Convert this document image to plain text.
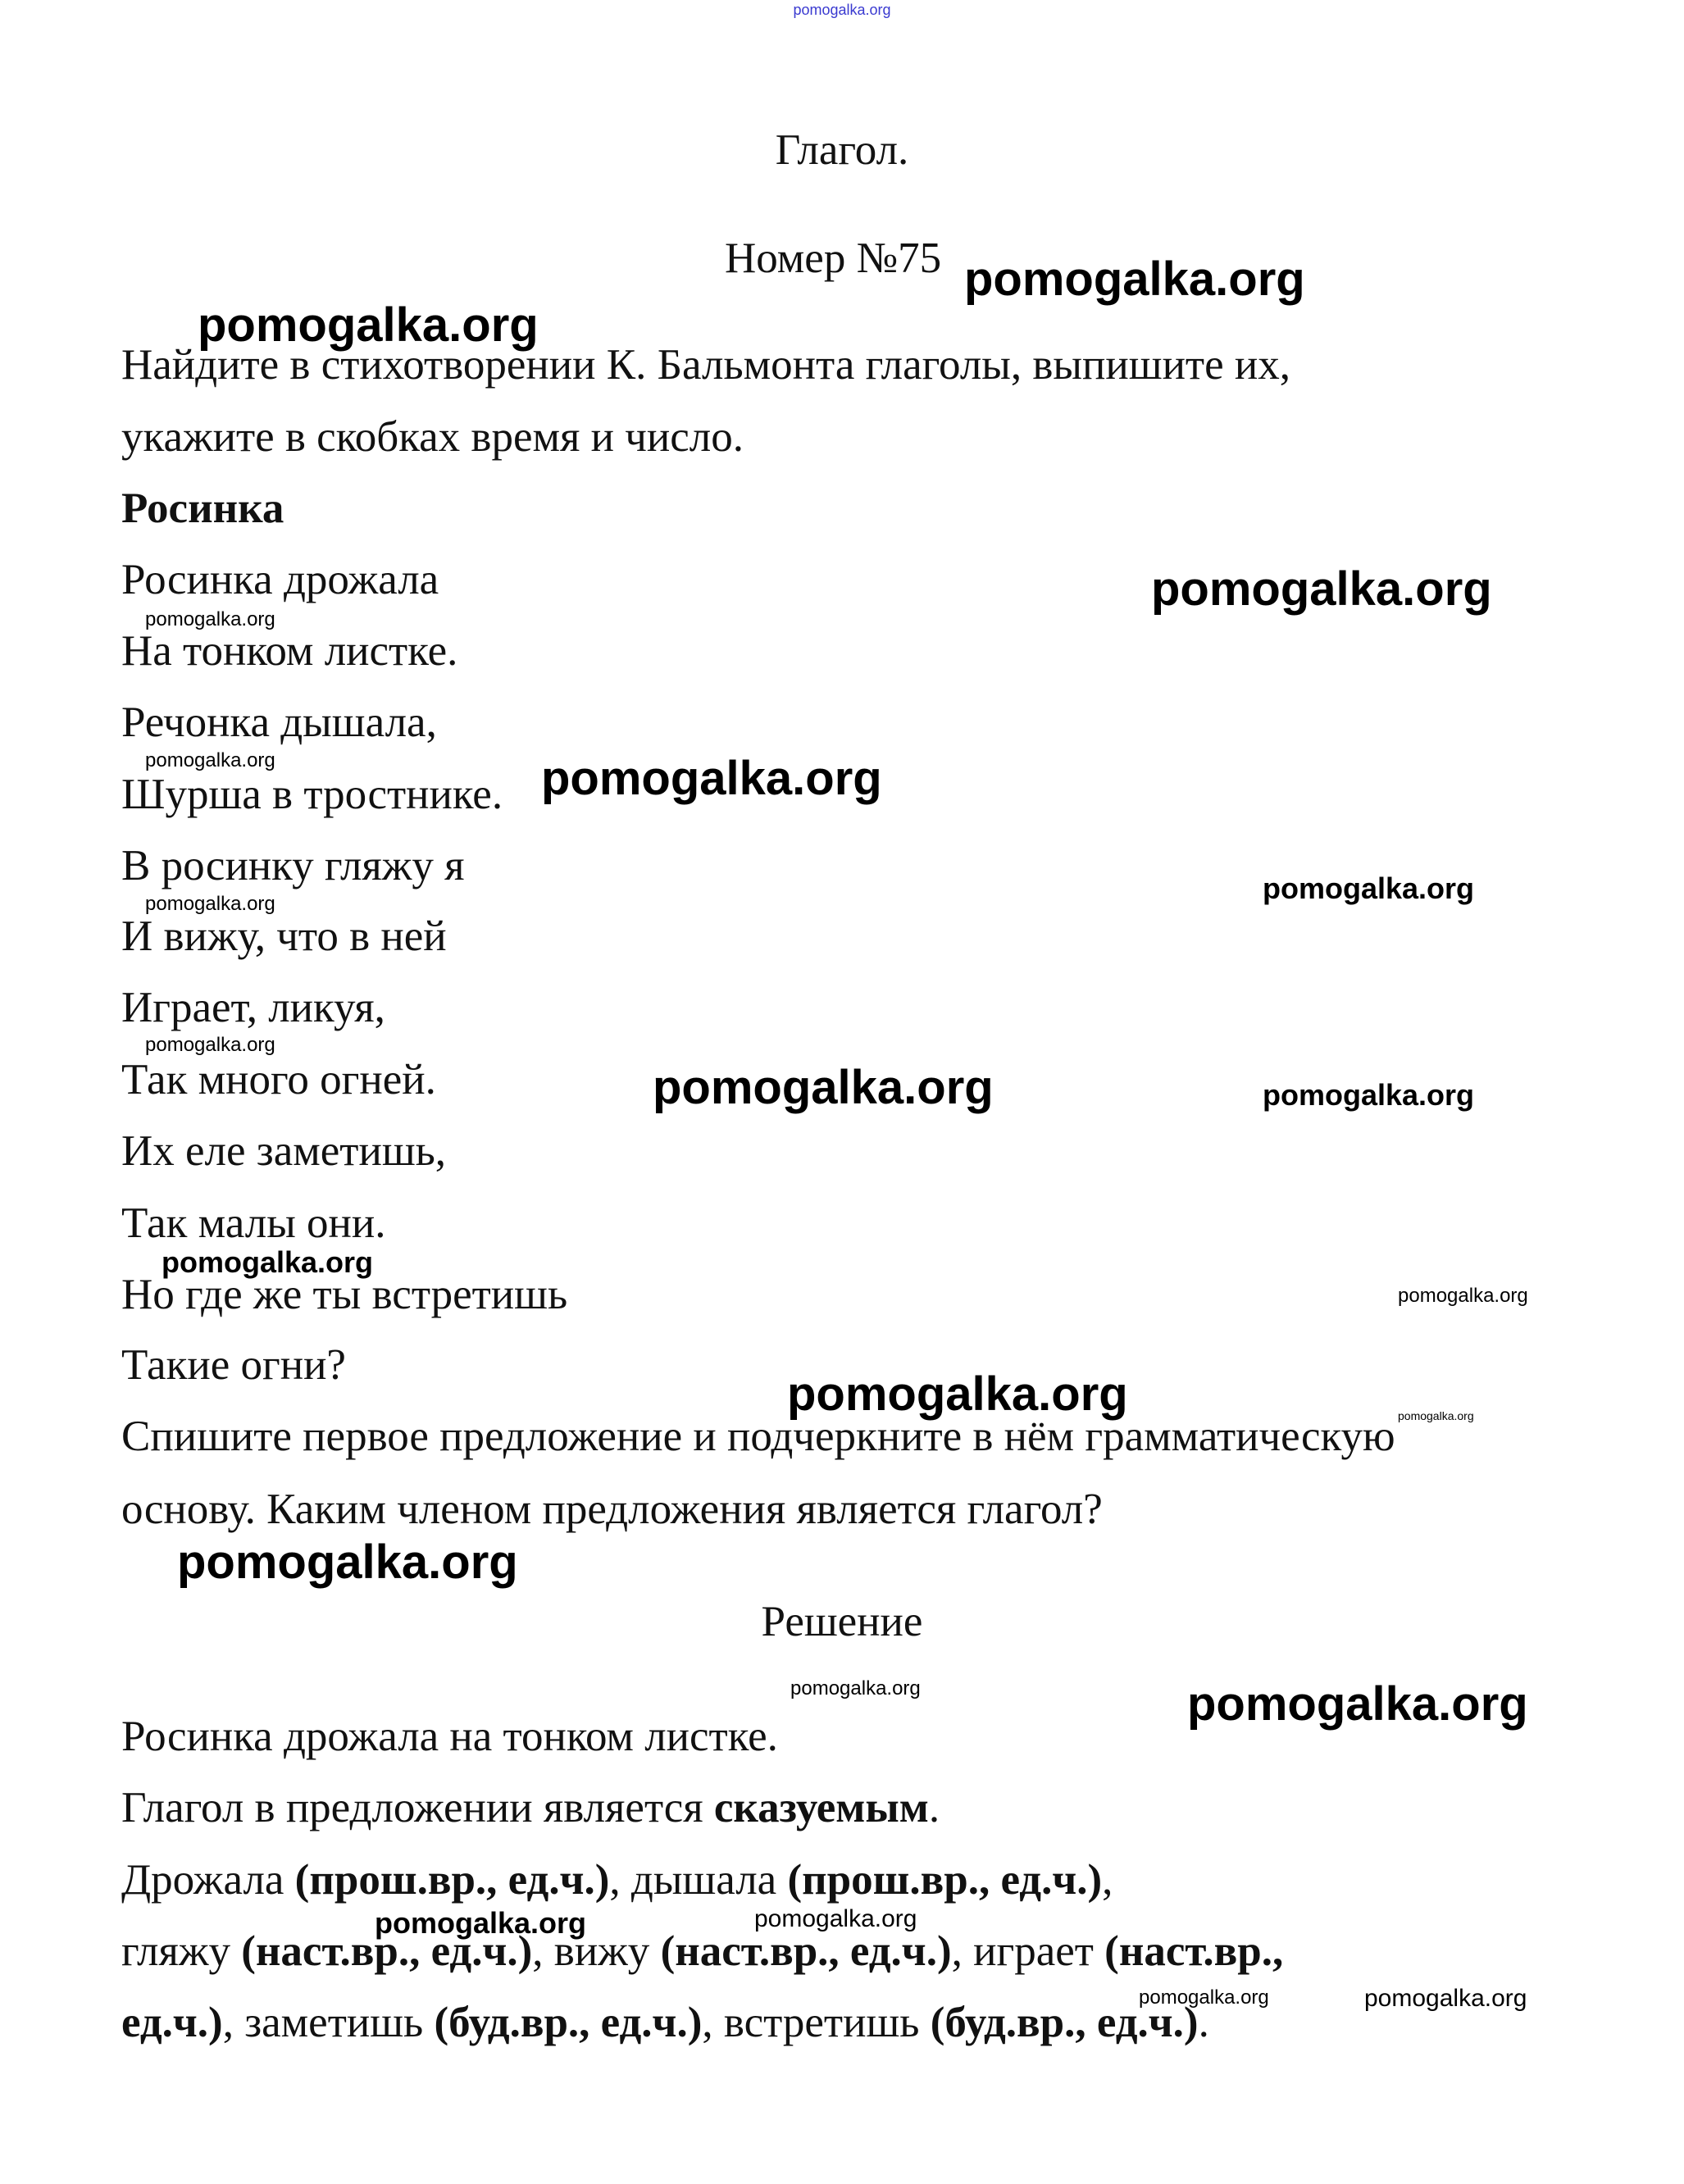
pomogalka.org
Глагол.
Номер №75
Найдите в стихотворении К. Бальмонта глаголы, выпишите их,
укажите в скобках время и число.
Росинка
Росинка дрожала
На тонком листке.
Речонка дышала,
Шурша в тростнике.
В росинку гляжу я
И вижу, что в ней
Играет, ликуя,
Так много огней.
Их еле заметишь,
Так малы они.
Но где же ты встретишь
Такие огни?
Спишите первое предложение и подчеркните в нём грамматическую
основу. Каким членом предложения является глагол?
Решение
Росинка дрожала на тонком листке.
Глагол в предложении является сказуемым.
Дрожала (прош.вр., ед.ч.), дышала (прош.вр., ед.ч.),
гляжу (наст.вр., ед.ч.), вижу (наст.вр., ед.ч.), играет (наст.вр.,
ед.ч.), заметишь (буд.вр., ед.ч.), встретишь (буд.вр., ед.ч.).
pomogalka.org
pomogalka.org
pomogalka.org
pomogalka.org
pomogalka.org	pomogalka.org
pomogalka.org
pomogalka.org
pomogalka.org
pomogalka.org	pomogalka.org
pomogalka.org
pomogalka.org
pomogalka.org	pomogalka.org
pomogalka.org
pomogalka.org	pomogalka.org
pomogalka.org	pomogalka.org
pomogalka.org	pomogalka.org
